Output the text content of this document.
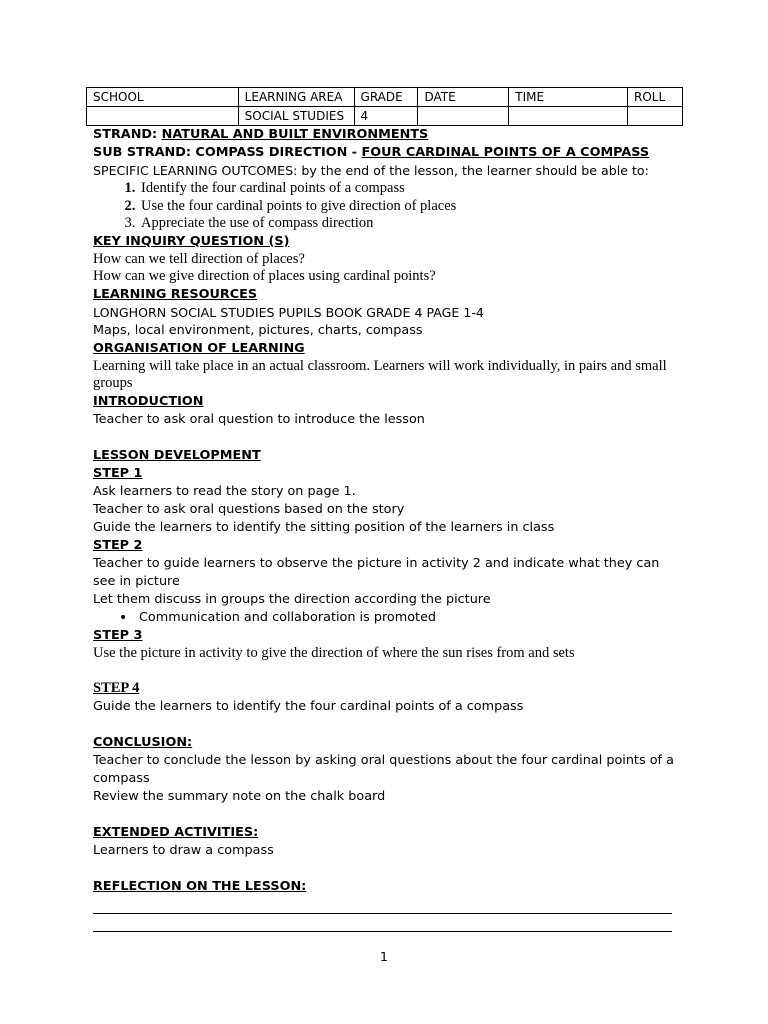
SCHOOL	LEARNING AREA	GRADE	DATE	TIME	ROLL
	SOCIAL STUDIES	4			
STRAND: NATURAL AND BUILT ENVIRONMENTS
SUB STRAND: COMPASS DIRECTION - FOUR CARDINAL POINTS OF A COMPASS
SPECIFIC LEARNING OUTCOMES: by the end of the lesson, the learner should be able to:
1. Identify the four cardinal points of a compass
2. Use the four cardinal points to give direction of places
3. Appreciate the use of compass direction
KEY INQUIRY QUESTION (S)
How can we tell direction of places?
How can we give direction of places using cardinal points?
LEARNING RESOURCES
LONGHORN SOCIAL STUDIES PUPILS BOOK GRADE 4 PAGE 1-4
Maps, local environment, pictures, charts, compass
ORGANISATION OF LEARNING
Learning will take place in an actual classroom. Learners will work individually, in pairs and small groups
INTRODUCTION
Teacher to ask oral question to introduce the lesson
LESSON DEVELOPMENT
STEP 1
Ask learners to read the story on page 1.
Teacher to ask oral questions based on the story
Guide the learners to identify the sitting position of the learners in class
STEP 2
Teacher to guide learners to observe the picture in activity 2 and indicate what they can see in picture
Let them discuss in groups the direction according the picture
• Communication and collaboration is promoted
STEP 3
Use the picture in activity to give the direction of where the sun rises from and sets
STEP 4
Guide the learners to identify the four cardinal points of a compass
CONCLUSION:
Teacher to conclude the lesson by asking oral questions about the four cardinal points of a compass
Review the summary note on the chalk board
EXTENDED ACTIVITIES:
Learners to draw a compass
REFLECTION ON THE LESSON:
1
